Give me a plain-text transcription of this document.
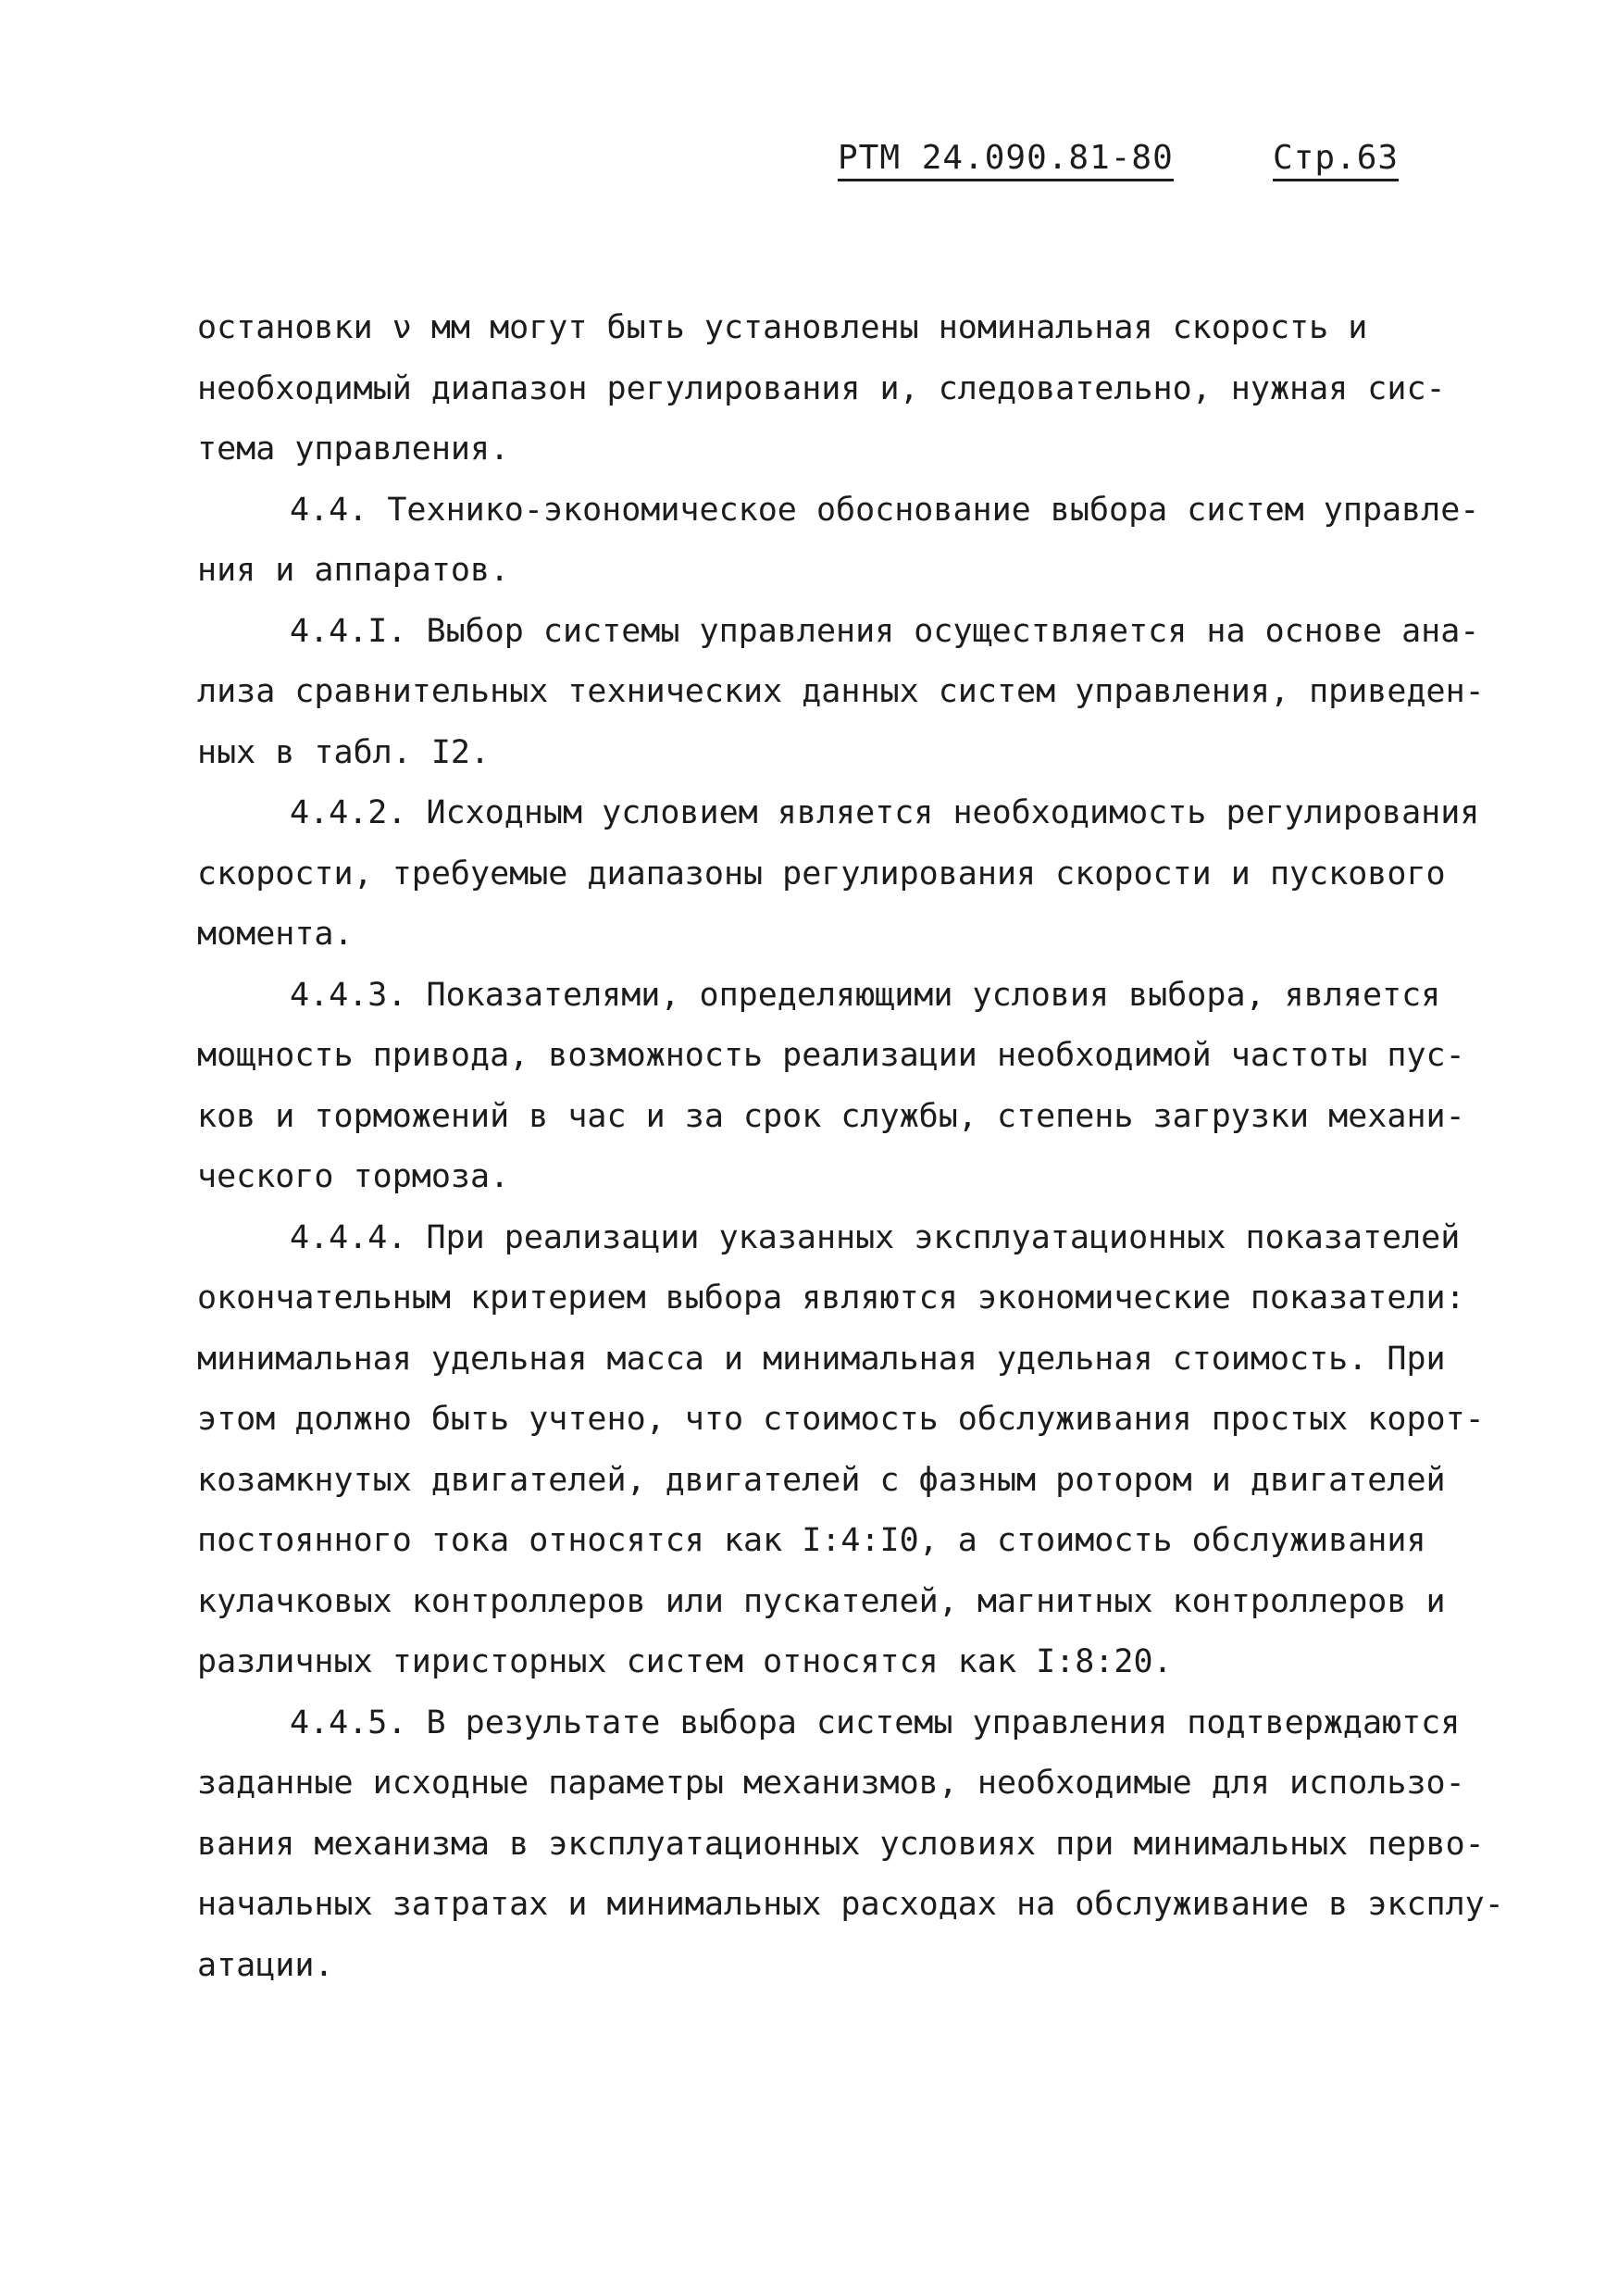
РТМ 24.090.81-80	Стр.63
остановки ν мм могут быть установлены номинальная скорость и
необходимый диапазон регулирования и, следовательно, нужная сис-
тема управления.
4.4. Технико-экономическое обоснование выбора систем управле-
ния и аппаратов.
4.4.I. Выбор системы управления осуществляется на основе ана-
лиза сравнительных технических данных систем управления, приведен-
ных в табл. I2.
4.4.2. Исходным условием является необходимость регулирования
скорости, требуемые диапазоны регулирования скорости и пускового
момента.
4.4.3. Показателями, определяющими условия выбора, является
мощность привода, возможность реализации необходимой частоты пус-
ков и торможений в час и за срок службы, степень загрузки механи-
ческого тормоза.
4.4.4. При реализации указанных эксплуатационных показателей
окончательным критерием выбора являются экономические показатели:
минимальная удельная масса и минимальная удельная стоимость. При
этом должно быть учтено, что стоимость обслуживания простых корот-
козамкнутых двигателей, двигателей с фазным ротором и двигателей
постоянного тока относятся как I:4:I0, а стоимость обслуживания
кулачковых контроллеров или пускателей, магнитных контроллеров и
различных тиристорных систем относятся как I:8:20.
4.4.5. В результате выбора системы управления подтверждаются
заданные исходные параметры механизмов, необходимые для использо-
вания механизма в эксплуатационных условиях при минимальных перво-
начальных затратах и минимальных расходах на обслуживание в эксплу-
атации.
